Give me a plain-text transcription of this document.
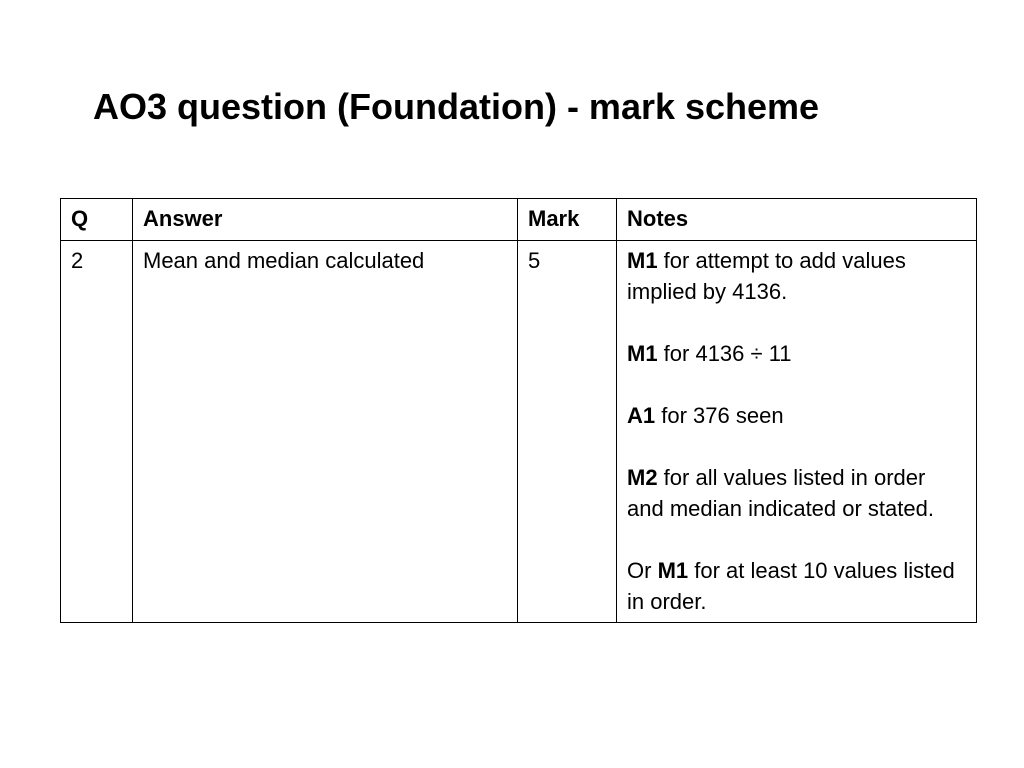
AO3 question (Foundation) - mark scheme
Q	Answer	Mark	Notes
2	Mean and median calculated	5	M1 for attempt to add values implied by 4136.

M1 for 4136 ÷ 11

A1 for 376 seen

M2 for all values listed in order and median indicated or stated.

Or M1 for at least 10 values listed in order.
